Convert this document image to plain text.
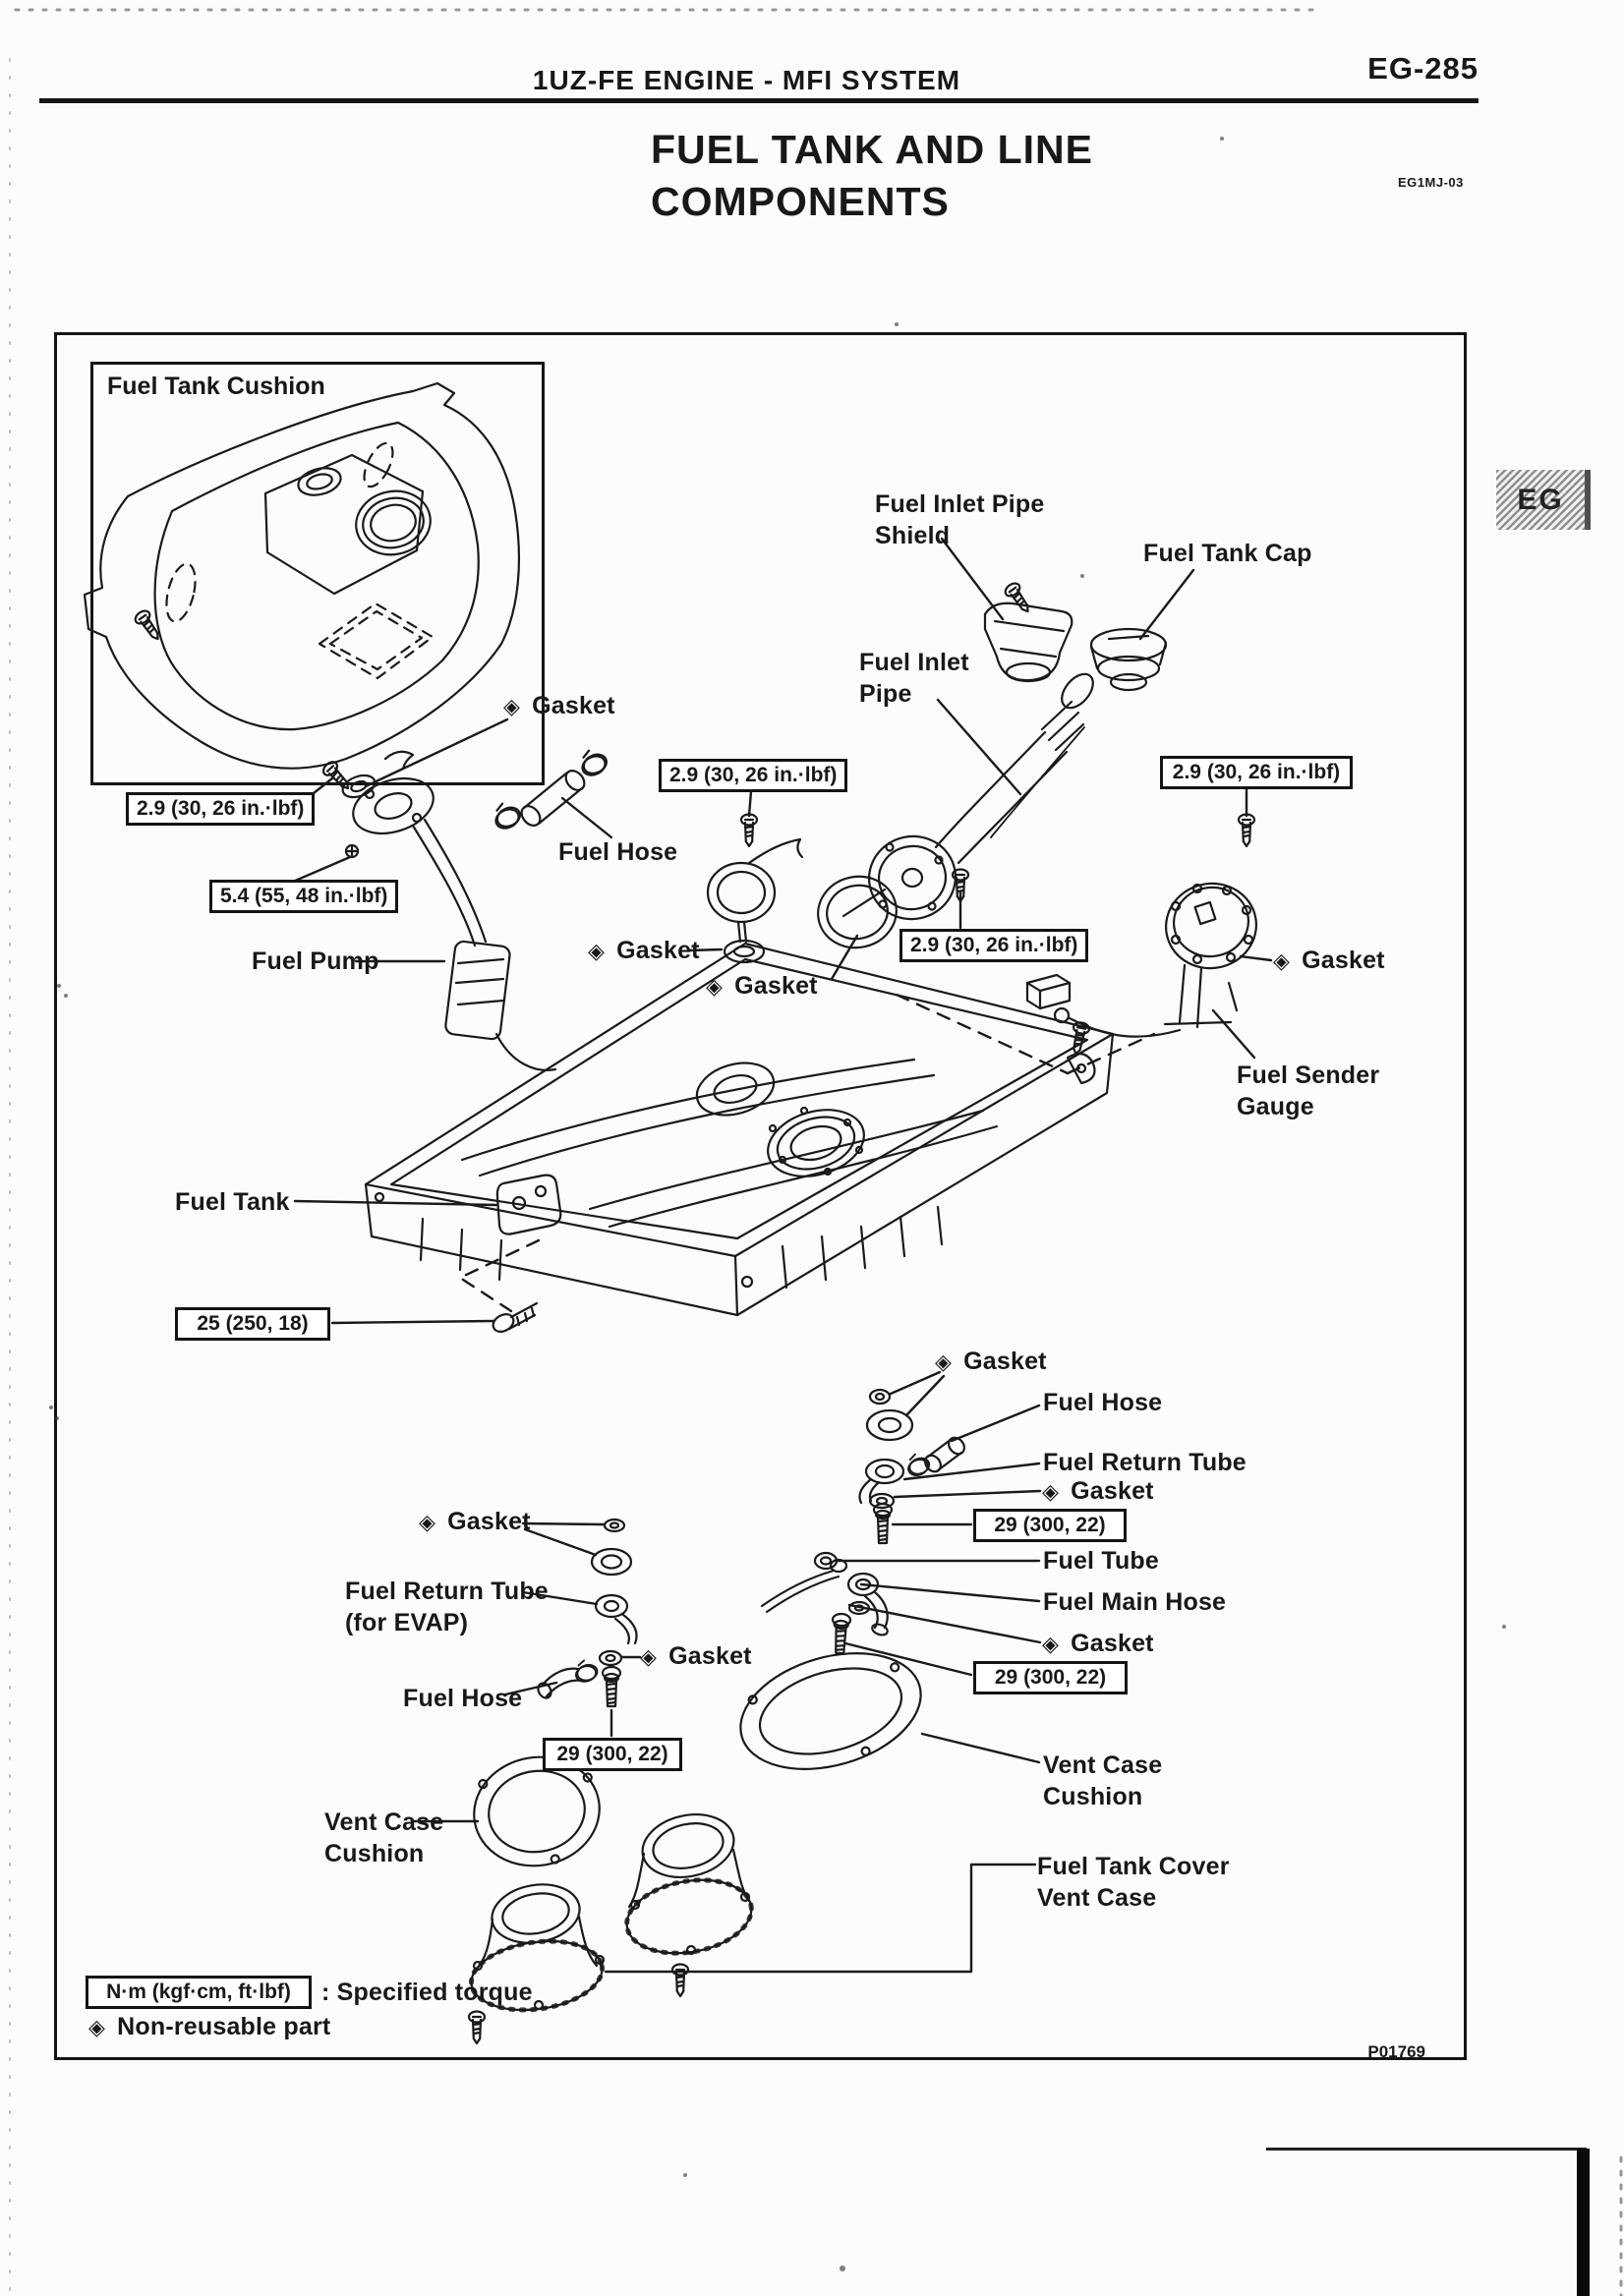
1UZ-FE ENGINE - MFI SYSTEM	EG-285
FUEL TANK AND LINE
COMPONENTS	EG1MJ-03
EG
Fuel Tank Cushion
Fuel Inlet Pipe
Shield
Fuel Tank Cap
Fuel Inlet
Pipe
◈ Gasket
Fuel Hose
Fuel Pump	◈ Gasket
◈ Gasket
◈ Gasket
Fuel Sender
Gauge
Fuel Tank
◈ Gasket
Fuel Hose
Fuel Return Tube
◈ Gasket
Fuel Tube
Fuel Main Hose
◈ Gasket
Vent Case
Cushion
◈ Gasket
Fuel Return Tube
(for EVAP)
◈ Gasket
Fuel Hose
Vent Case
Cushion	Fuel Tank Cover
Vent Case
2.9 (30, 26 in.·lbf)
5.4 (55, 48 in.·lbf)
2.9 (30, 26 in.·lbf)	2.9 (30, 26 in.·lbf)
2.9 (30, 26 in.·lbf)
25 (250, 18)
29 (300, 22)
29 (300, 22)
29 (300, 22)
N·m (kgf·cm, ft·lbf)	: Specified torque
◈ Non-reusable part
P01769
